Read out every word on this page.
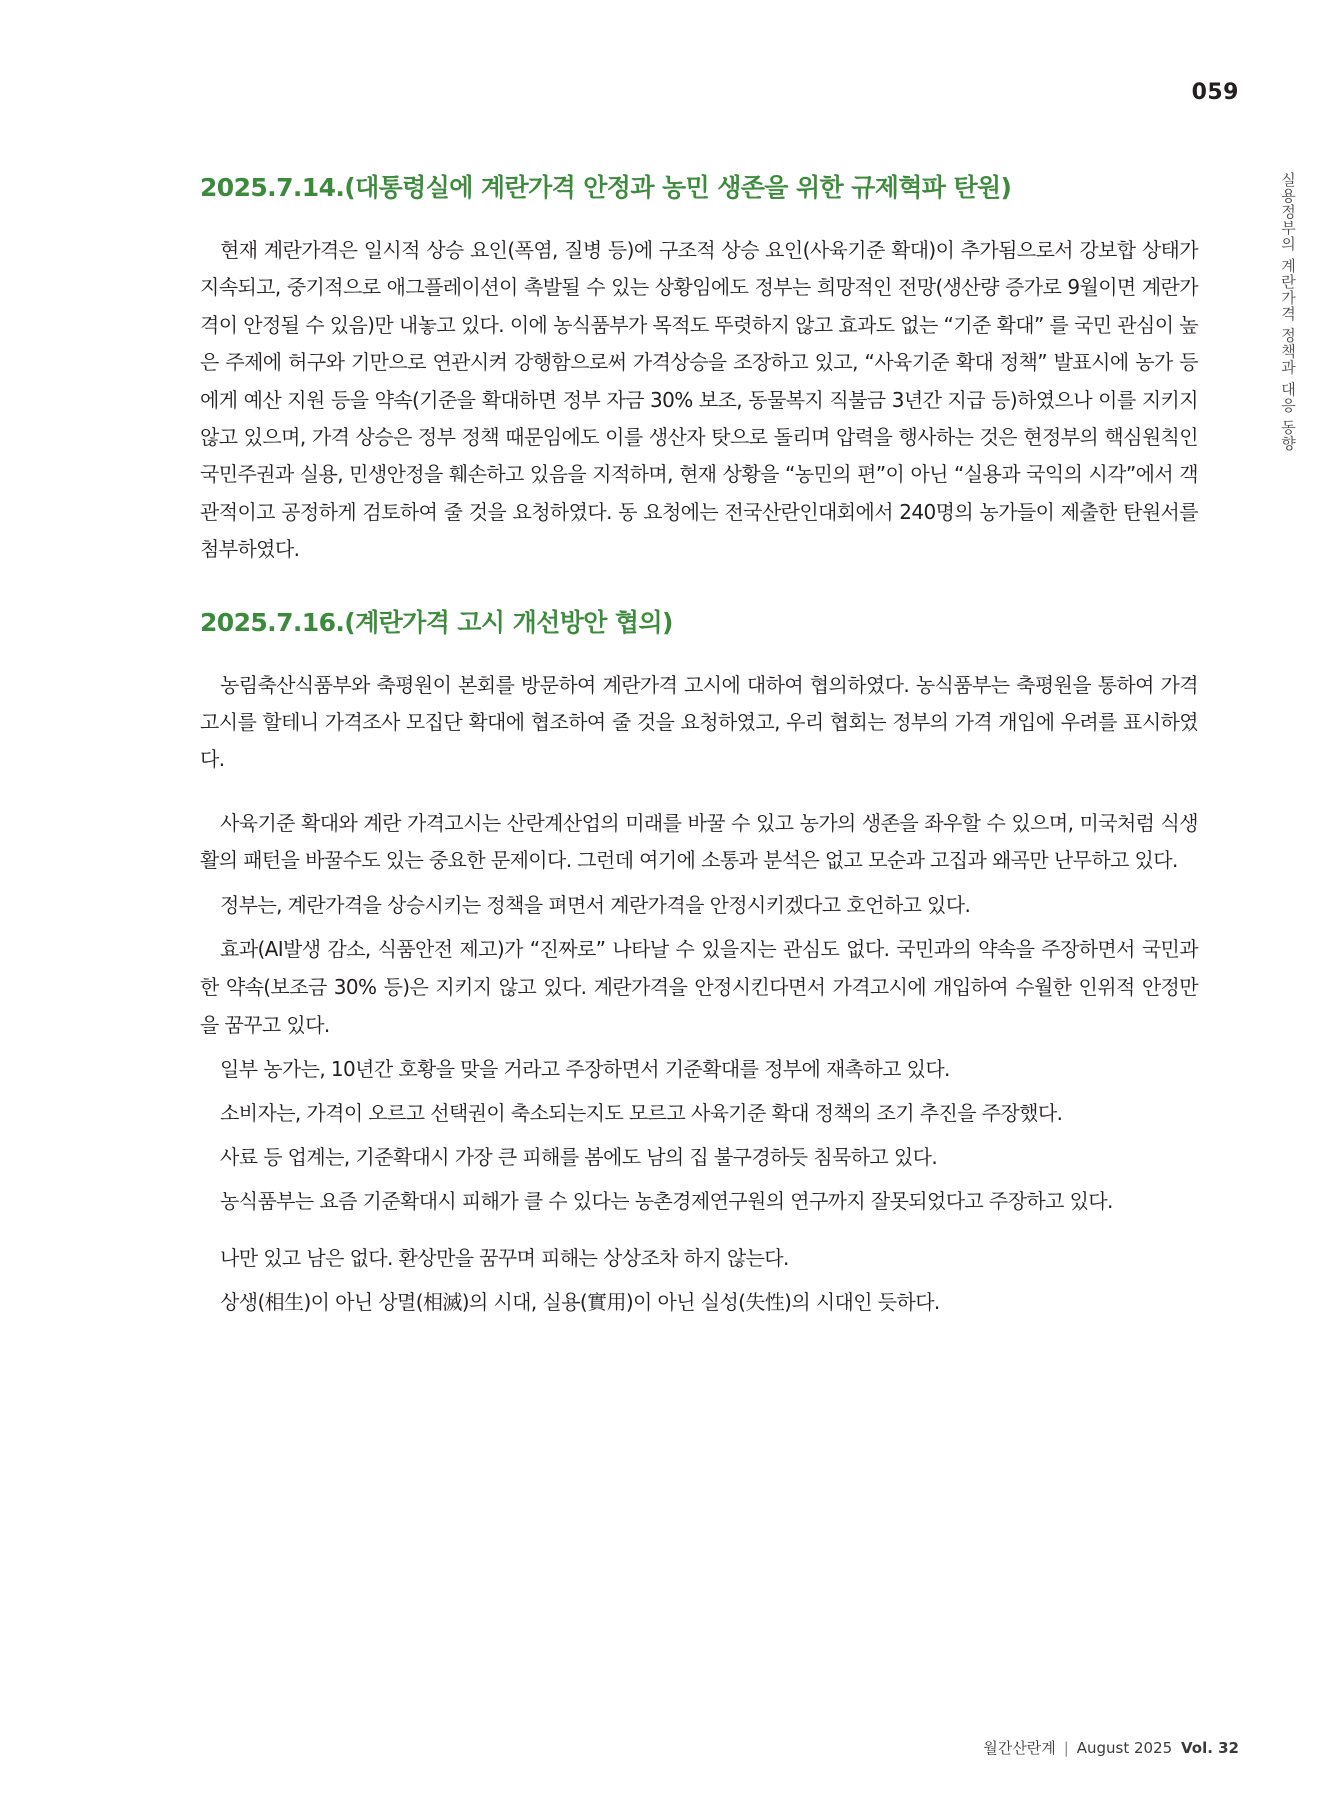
059
실용정부의 계란가격 정책과 대응 동향
2025.7.14.(대통령실에 계란가격 안정과 농민 생존을 위한 규제혁파 탄원)

현재 계란가격은 일시적 상승 요인(폭염, 질병 등)에 구조적 상승 요인(사육기준 확대)이 추가됨으로서 강보합 상태가 지속되고, 중기적으로 애그플레이션이 촉발될 수 있는 상황임에도 정부는 희망적인 전망(생산량 증가로 9월이면 계란가격이 안정될 수 있음)만 내놓고 있다. 이에 농식품부가 목적도 뚜렷하지 않고 효과도 없는 “기준 확대” 를 국민 관심이 높은 주제에 허구와 기만으로 연관시켜 강행함으로써 가격상승을 조장하고 있고, “사육기준 확대 정책” 발표시에 농가 등에게 예산 지원 등을 약속(기준을 확대하면 정부 자금 30% 보조, 동물복지 직불금 3년간 지급 등)하였으나 이를 지키지 않고 있으며, 가격 상승은 정부 정책 때문임에도 이를 생산자 탓으로 돌리며 압력을 행사하는 것은 현정부의 핵심원칙인 국민주권과 실용, 민생안정을 훼손하고 있음을 지적하며, 현재 상황을 “농민의 편”이 아닌 “실용과 국익의 시각”에서 객관적이고 공정하게 검토하여 줄 것을 요청하였다. 동 요청에는 전국산란인대회에서 240명의 농가들이 제출한 탄원서를 첨부하였다.

2025.7.16.(계란가격 고시 개선방안 협의)

농림축산식품부와 축평원이 본회를 방문하여 계란가격 고시에 대하여 협의하였다. 농식품부는 축평원을 통하여 가격고시를 할테니 가격조사 모집단 확대에 협조하여 줄 것을 요청하였고, 우리 협회는 정부의 가격 개입에 우려를 표시하였다.

사육기준 확대와 계란 가격고시는 산란계산업의 미래를 바꿀 수 있고 농가의 생존을 좌우할 수 있으며, 미국처럼 식생활의 패턴을 바꿀수도 있는 중요한 문제이다. 그런데 여기에 소통과 분석은 없고 모순과 고집과 왜곡만 난무하고 있다.

정부는, 계란가격을 상승시키는 정책을 펴면서 계란가격을 안정시키겠다고 호언하고 있다.

효과(AI발생 감소, 식품안전 제고)가 “진짜로” 나타날 수 있을지는 관심도 없다. 국민과의 약속을 주장하면서 국민과 한 약속(보조금 30% 등)은 지키지 않고 있다. 계란가격을 안정시킨다면서 가격고시에 개입하여 수월한 인위적 안정만을 꿈꾸고 있다.

일부 농가는, 10년간 호황을 맞을 거라고 주장하면서 기준확대를 정부에 재촉하고 있다.

소비자는, 가격이 오르고 선택권이 축소되는지도 모르고 사육기준 확대 정책의 조기 추진을 주장했다.

사료 등 업계는, 기준확대시 가장 큰 피해를 봄에도 남의 집 불구경하듯 침묵하고 있다.

농식품부는 요즘 기준확대시 피해가 클 수 있다는 농촌경제연구원의 연구까지 잘못되었다고 주장하고 있다.

나만 있고 남은 없다. 환상만을 꿈꾸며 피해는 상상조차 하지 않는다.

상생(相生)이 아닌 상멸(相滅)의 시대, 실용(實用)이 아닌 실성(失性)의 시대인 듯하다.

월간산란계 | August 2025 Vol. 32
